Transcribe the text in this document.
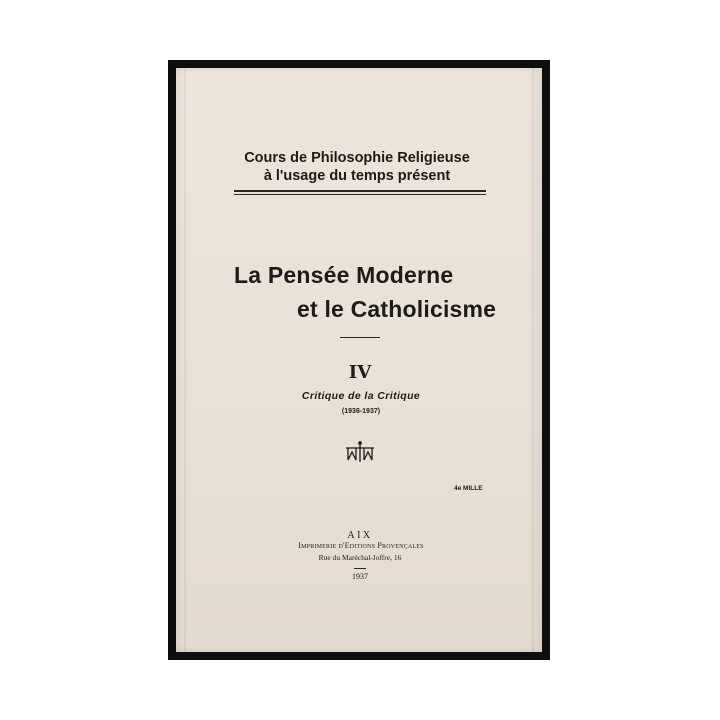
Cours de Philosophie Religieuse
à l'usage du temps présent
La Pensée Moderne
et le Catholicisme
IV
Critique de la Critique
(1936-1937)
4e MILLE
AIX
Imprimerie d'Editions Provençales
Rue du Maréchal-Joffre, 16
1937
